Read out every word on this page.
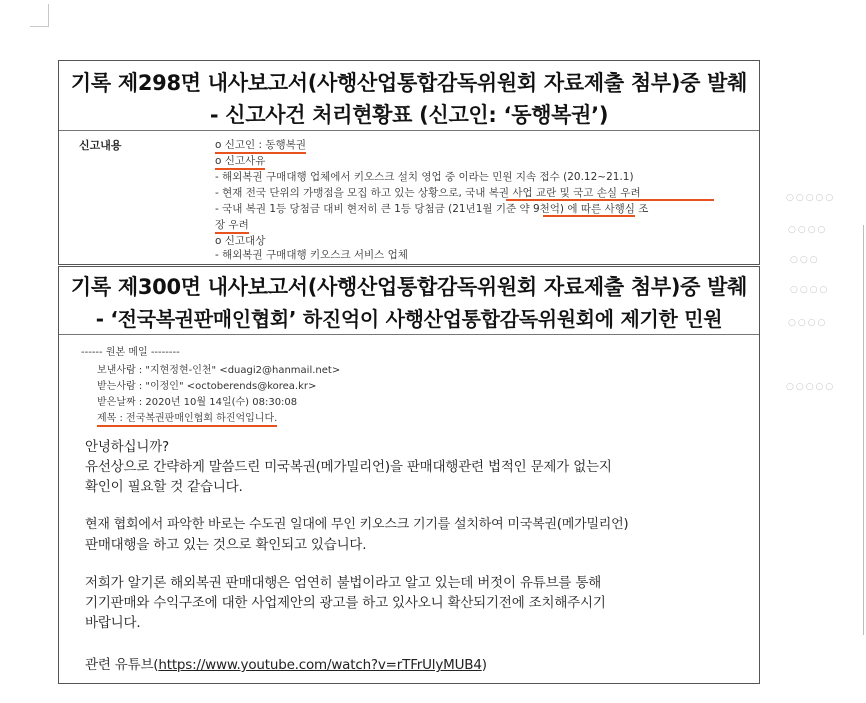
기록 제298면 내사보고서(사행산업통합감독위원회 자료제출 첨부)중 발췌
- 신고사건 처리현황표 (신고인: ‘동행복권’)
신고내용	o 신고인 : 동행복권
o 신고사유
- 해외복권 구매대행 업체에서 키오스크 설치 영업 중 이라는 민원 지속 접수 (20.12~21.1)
- 현재 전국 단위의 가맹점을 모집 하고 있는 상황으로, 국내 복권 사업 교란 및 국고 손실 우려
- 국내 복권 1등 당첨금 대비 현저히 큰 1등 당첨금 (21년1월 기준 약 9천억) 에 따른 사행심 조
장 우려
o 신고대상
- 해외복권 구매대행 키오스크 서비스 업체
기록 제300면 내사보고서(사행산업통합감독위원회 자료제출 첨부)중 발췌
- ‘전국복권판매인협회’ 하진억이 사행산업통합감독위원회에 제기한 민원
------ 원본 메일 --------
보낸사람 : "지현정현-인천" <duagi2@hanmail.net>
받는사람 : "이정인" <octoberends@korea.kr>
받은날짜 : 2020년 10월 14일(수) 08:30:08
제목 : 전국복권판매인협회 하진억입니다.
안녕하십니까?
유선상으로 간략하게 말씀드린 미국복권(메가밀리언)을 판매대행관련 법적인 문제가 없는지
확인이 필요할 것 같습니다.
현재 협회에서 파악한 바로는 수도권 일대에 무인 키오스크 기기를 설치하여 미국복권(메가밀리언)
판매대행을 하고 있는 것으로 확인되고 있습니다.
저희가 알기론 해외복권 판매대행은 엄연히 불법이라고 알고 있는데 버젓이 유튜브를 통해
기기판매와 수익구조에 대한 사업제안의 광고를 하고 있사오니 확산되기전에 조치해주시기
바랍니다.
관련 유튜브(https://www.youtube.com/watch?v=rTFrUlyMUB4)
○○○○○
○○○○
○○○
○○○○
○○○○
○○○○○
